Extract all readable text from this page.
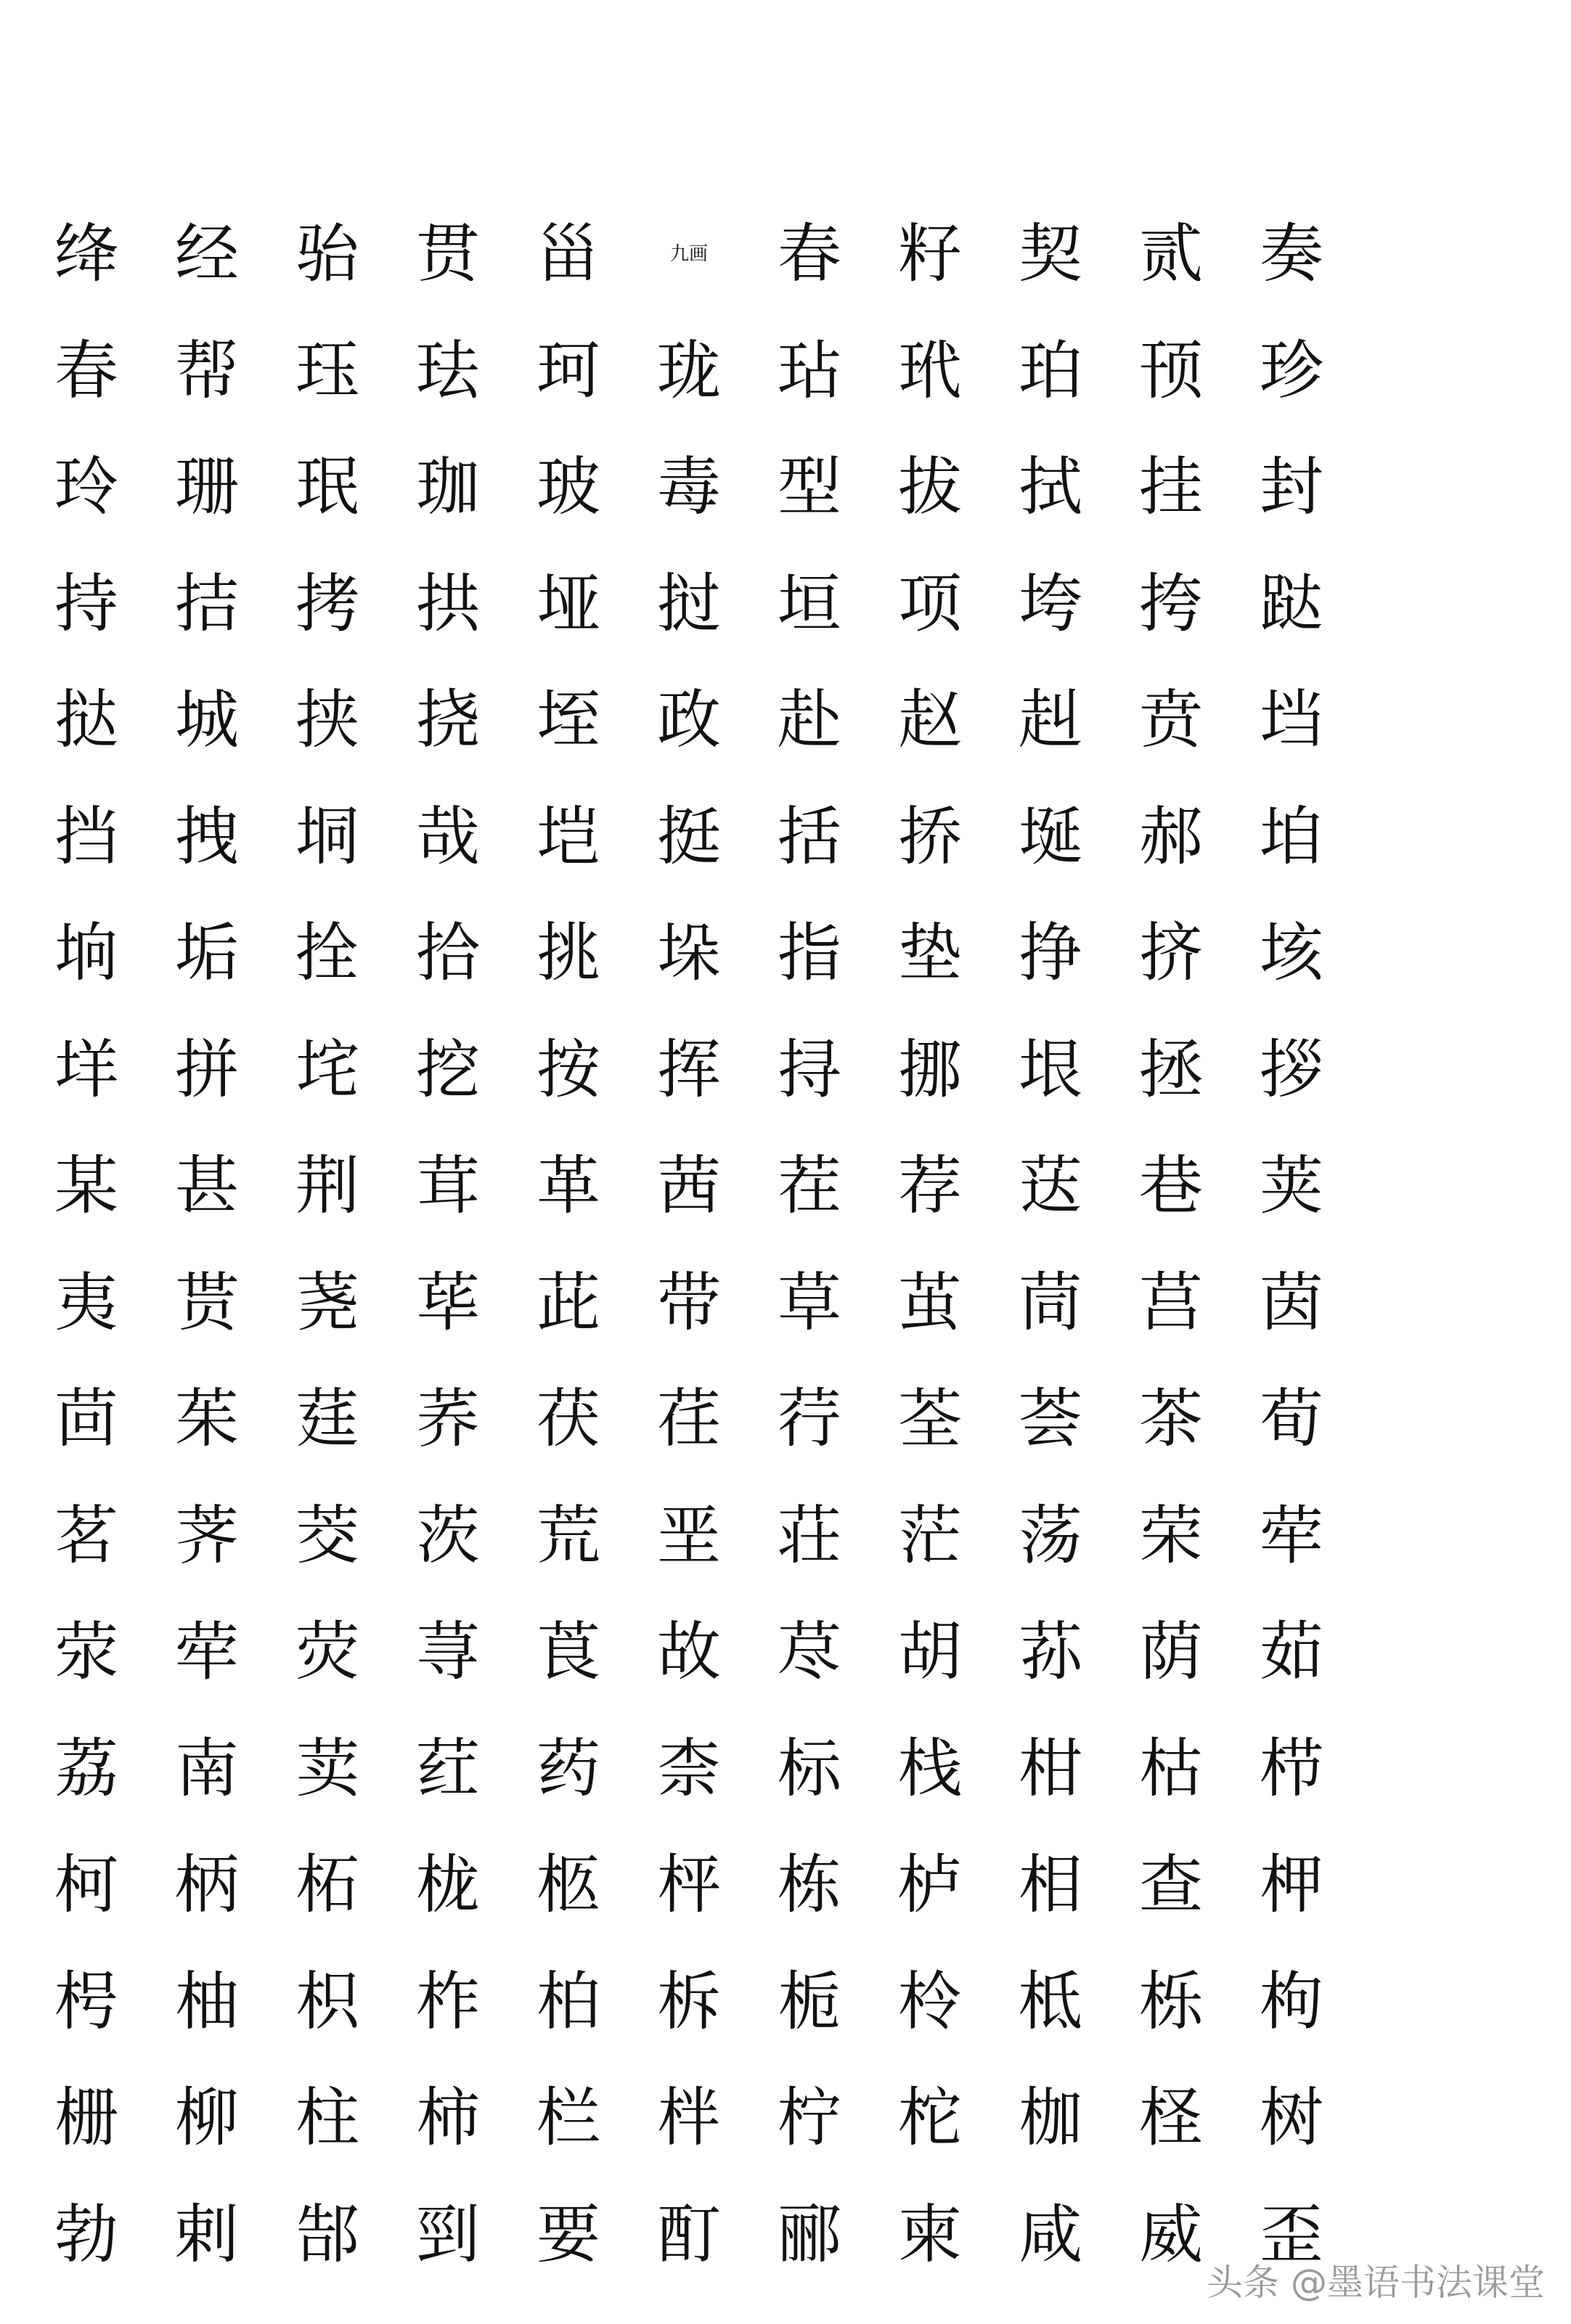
绛 经 骀 贯 甾	九画	春 籽 契 贰 奏
春 帮 珏 珐 珂 珑 玷 玳 珀 顸 珍
玲 珊 珉 珈 玻 毒 型 拔 拭 挂 封
持 拮 拷 拱 垭 挝 垣 项 垮 挎 跶
挞 城 挟 挠 垤 政 赴 赵 赳 贲 垱
挡 拽 垌 哉 垲 挺 括 挢 埏 郝 垍
垧 垢 拴 拾 挑 垛 指 垫 挣 挤 垓
垟 拼 垞 挖 按 挥 挦 挪 垠 拯 拶
某 甚 荆 茸 革 茜 茬 荐 荙 巷 荚
夷 贳 荛 荜 茈 带 草 茧 茼 莒 茵
茴 茱 莛 荞 茯 荏 荇 荃 荟 茶 荀
茗 荠 茭 茨 荒 垩 荘 茫 荡 荣 荦
荥 荦 荧 荨 莨 故 荩 胡 荪 荫 茹
荔 南 荬 荭 药 柰 标 栈 柑 枯 栉
柯 柄 柘 栊 柩 枰 栋 栌 相 查 柙
枵 柚 枳 柞 柏 柝 栀 柃 柢 栎 枸
栅 柳 柱 柿 栏 柈 柠 柁 枷 柽 树
勃 剌 郜 剄 要 酊 郦 柬 咸 威 歪
头条 @墨语书法课堂
